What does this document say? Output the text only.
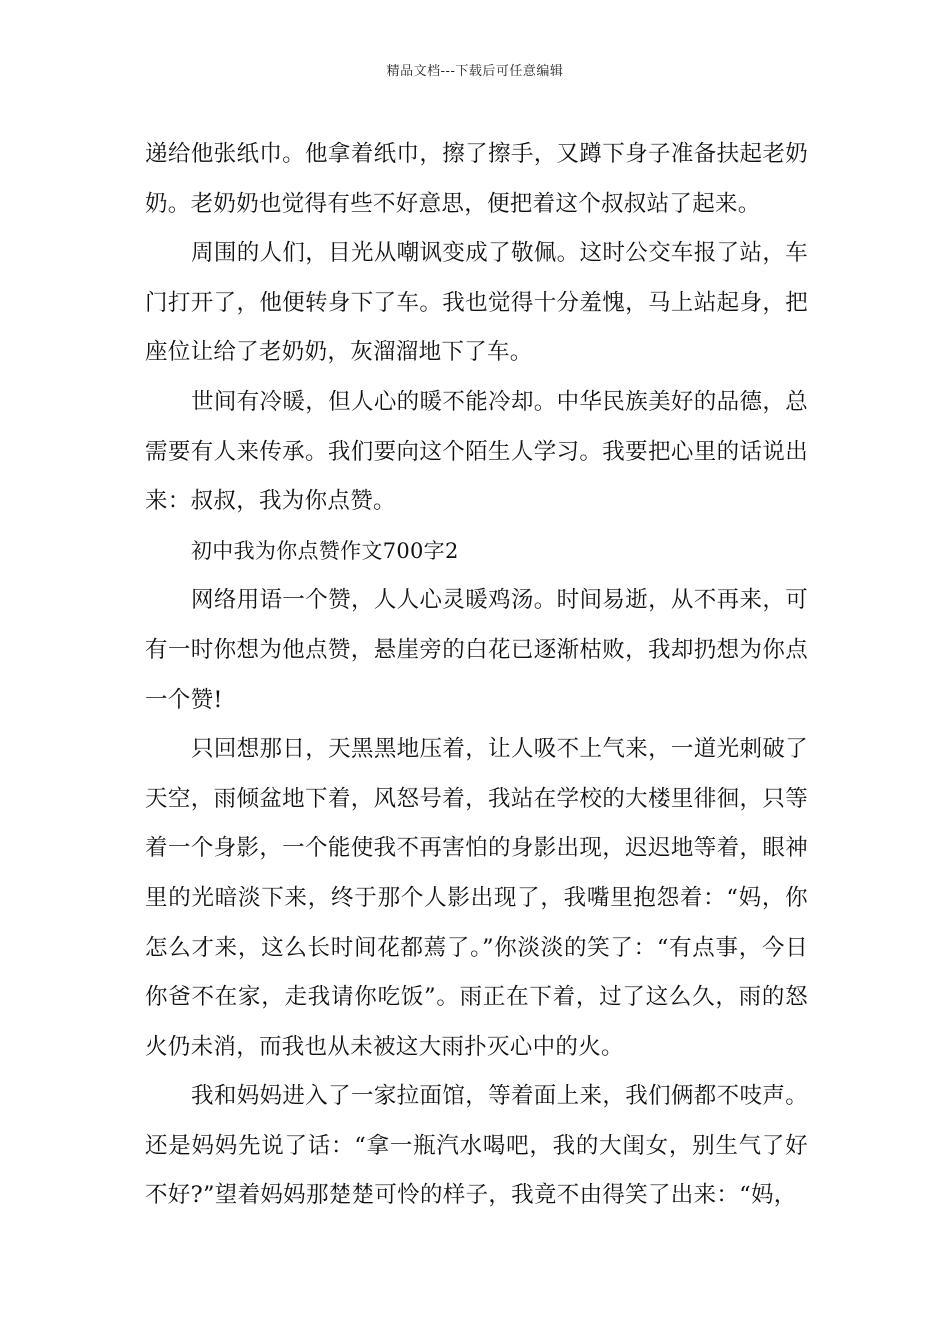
精品文档---下载后可任意编辑

递给他张纸巾。他拿着纸巾，擦了擦手，又蹲下身子准备扶起老奶奶。老奶奶也觉得有些不好意思，便把着这个叔叔站了起来。

周围的人们，目光从嘲讽变成了敬佩。这时公交车报了站，车门打开了，他便转身下了车。我也觉得十分羞愧，马上站起身，把座位让给了老奶奶，灰溜溜地下了车。

世间有冷暖，但人心的暖不能冷却。中华民族美好的品德，总需要有人来传承。我们要向这个陌生人学习。我要把心里的话说出来：叔叔，我为你点赞。

初中我为你点赞作文700字2

网络用语一个赞，人人心灵暖鸡汤。时间易逝，从不再来，可有一时你想为他点赞，悬崖旁的白花已逐渐枯败，我却扔想为你点一个赞!

只回想那日，天黑黑地压着，让人吸不上气来，一道光刺破了天空，雨倾盆地下着，风怒号着，我站在学校的大楼里徘徊，只等着一个身影，一个能使我不再害怕的身影出现，迟迟地等着，眼神里的光暗淡下来，终于那个人影出现了，我嘴里抱怨着：“妈，你怎么才来，这么长时间花都蔫了。”你淡淡的笑了：“有点事，今日你爸不在家，走我请你吃饭”。雨正在下着，过了这么久，雨的怒火仍未消，而我也从未被这大雨扑灭心中的火。

我和妈妈进入了一家拉面馆，等着面上来，我们俩都不吱声。还是妈妈先说了话：“拿一瓶汽水喝吧，我的大闺女，别生气了好不好?”望着妈妈那楚楚可怜的样子，我竟不由得笑了出来：“妈，
